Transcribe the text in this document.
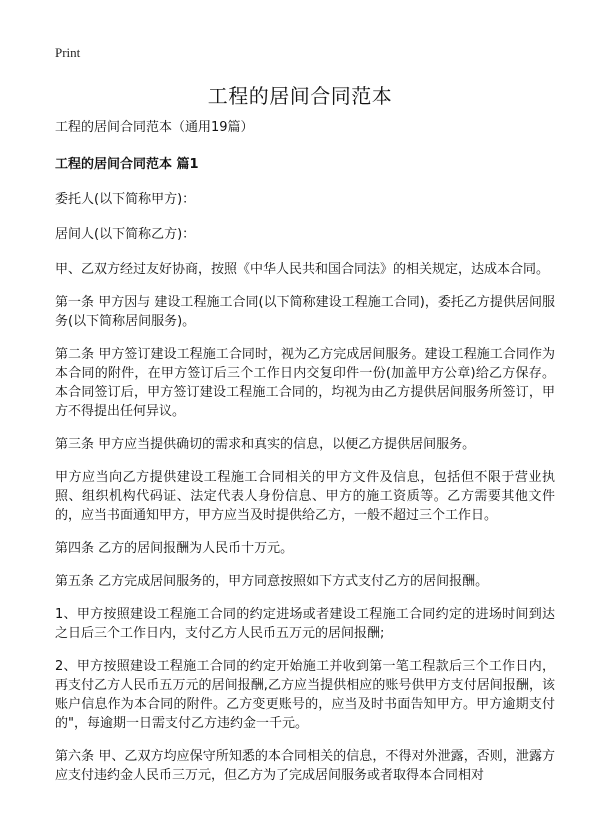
Print
工程的居间合同范本

工程的居间合同范本（通用19篇）

工程的居间合同范本 篇1

委托人(以下简称甲方)：

居间人(以下简称乙方)：

甲、乙双方经过友好协商，按照《中华人民共和国合同法》的相关规定，达成本合同。

第一条 甲方因与 建设工程施工合同(以下简称建设工程施工合同)，委托乙方提供居间服务(以下简称居间服务)。

第二条 甲方签订建设工程施工合同时，视为乙方完成居间服务。建设工程施工合同作为本合同的附件，在甲方签订后三个工作日内交复印件一份(加盖甲方公章)给乙方保存。本合同签订后，甲方签订建设工程施工合同的，均视为由乙方提供居间服务所签订，甲方不得提出任何异议。

第三条 甲方应当提供确切的需求和真实的信息，以便乙方提供居间服务。

甲方应当向乙方提供建设工程施工合同相关的甲方文件及信息，包括但不限于营业执照、组织机构代码证、法定代表人身份信息、甲方的施工资质等。乙方需要其他文件的，应当书面通知甲方，甲方应当及时提供给乙方，一般不超过三个工作日。

第四条 乙方的居间报酬为人民币十万元。

第五条 乙方完成居间服务的，甲方同意按照如下方式支付乙方的居间报酬。

1、甲方按照建设工程施工合同的约定进场或者建设工程施工合同约定的进场时间到达之日后三个工作日内，支付乙方人民币五万元的居间报酬;

2、甲方按照建设工程施工合同的约定开始施工并收到第一笔工程款后三个工作日内，再支付乙方人民币五万元的居间报酬,乙方应当提供相应的账号供甲方支付居间报酬，该账户信息作为本合同的附件。乙方变更账号的，应当及时书面告知甲方。甲方逾期支付的"，每逾期一日需支付乙方违约金一千元。

第六条 甲、乙双方均应保守所知悉的本合同相关的信息，不得对外泄露，否则，泄露方应支付违约金人民币三万元，但乙方为了完成居间服务或者取得本合同相对
